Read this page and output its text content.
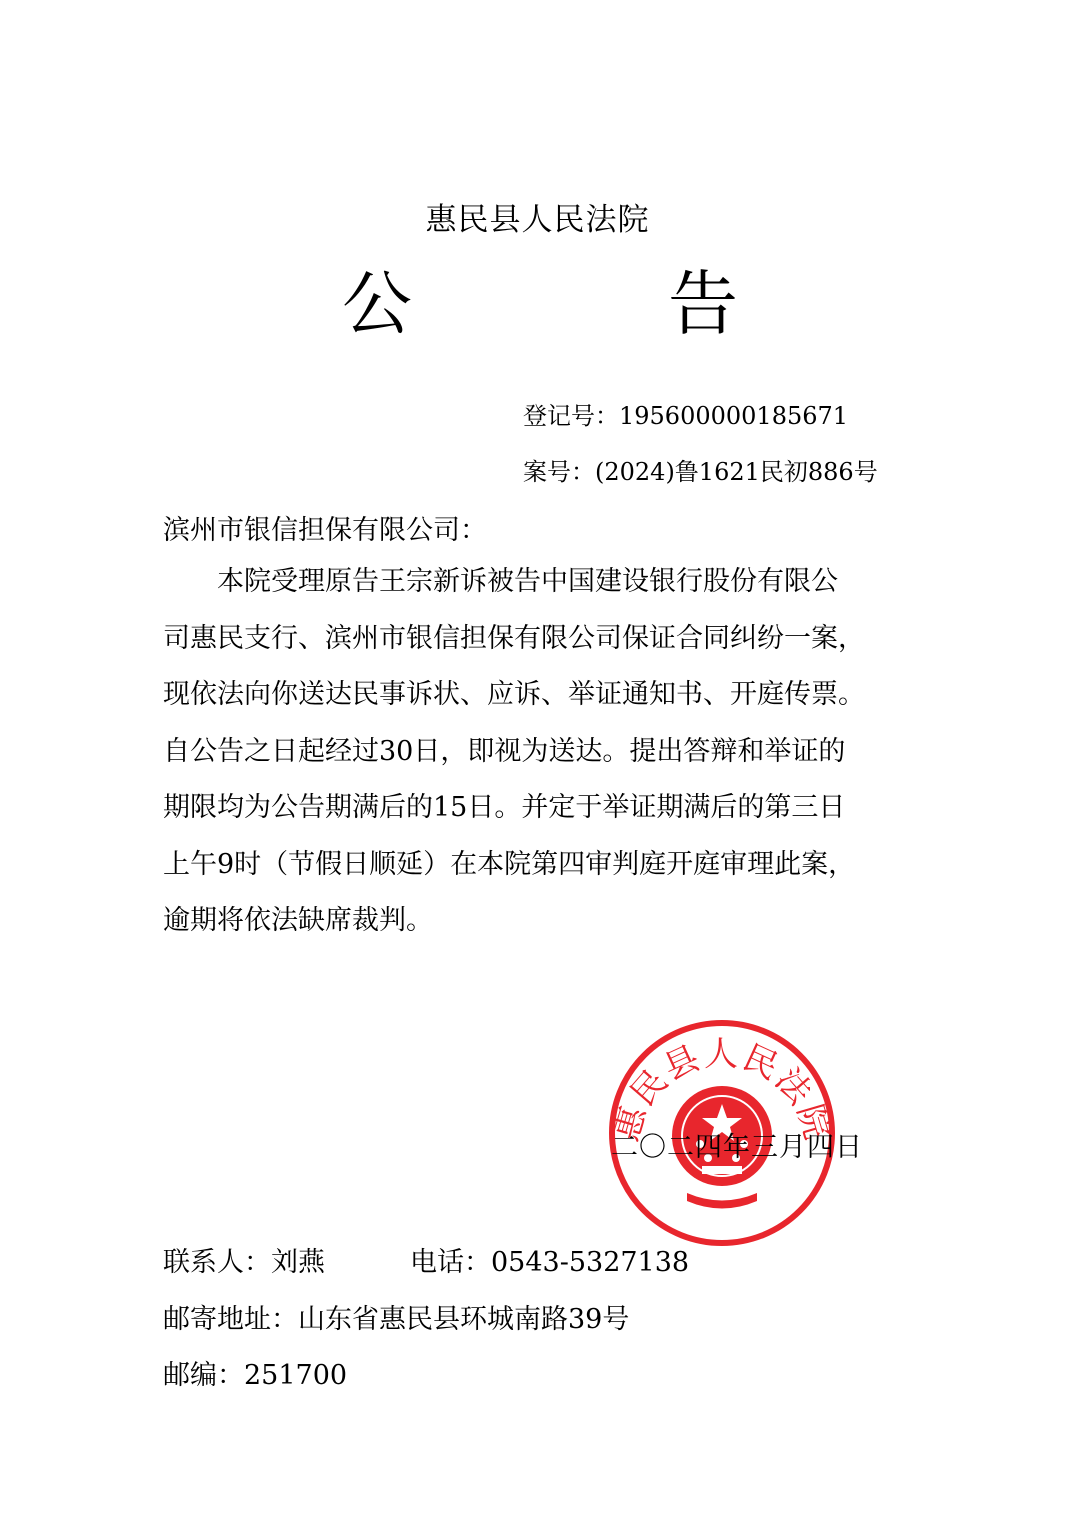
惠民县人民法院
公	告
登记号：195600000185671
案号：(2024)鲁1621民初886号
滨州市银信担保有限公司：
　　本院受理原告王宗新诉被告中国建设银行股份有限公
司惠民支行、滨州市银信担保有限公司保证合同纠纷一案，
现依法向你送达民事诉状、应诉、举证通知书、开庭传票。
自公告之日起经过30日，即视为送达。提出答辩和举证的
期限均为公告期满后的15日。并定于举证期满后的第三日
上午9时（节假日顺延）在本院第四审判庭开庭审理此案，
逾期将依法缺席裁判。
惠民县人民法院
二〇二四年三月四日
联系人：刘燕	电话：0543-5327138
邮寄地址：山东省惠民县环城南路39号
邮编：251700
